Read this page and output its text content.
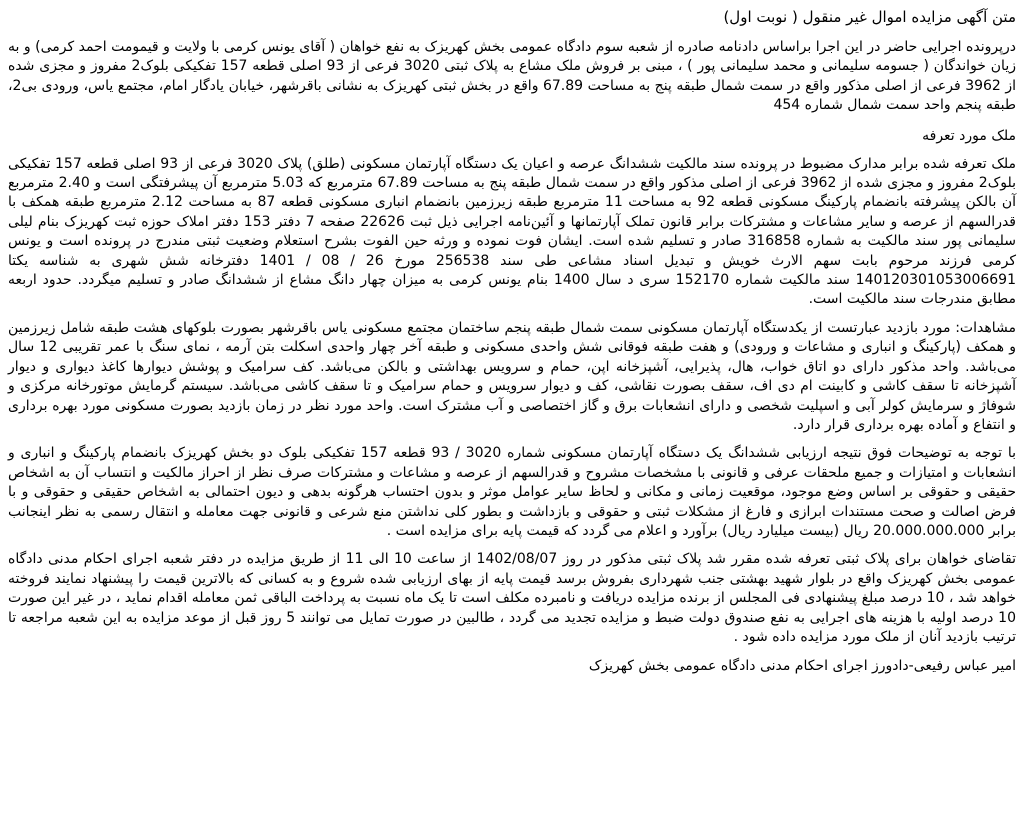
متن آگهی مزایده اموال غیر منقول ( نوبت اول)

درپرونده اجرایی حاضر در این اجرا براساس دادنامه صادره از شعبه سوم دادگاه عمومی بخش کهریزک به نفع خواهان ( آقای یونس کرمی با ولایت و قیمومت احمد کرمی) و به زیان خواندگان ( جسومه سلیمانی و محمد سلیمانی پور ) ، مبنی بر فروش ملک مشاع به پلاک ثبتی 3020 فرعی از 93 اصلی قطعه 157 تفکیکی بلوک2 مفروز و مجزی شده از 3962 فرعی از اصلی مذکور واقع در سمت شمال طبقه پنج به مساحت 67.89 واقع در بخش ثبتی کهریزک به نشانی باقرشهر، خیابان یادگار امام، مجتمع یاس، ورودی بی2، طبقه پنجم واحد سمت شمال شماره 454

ملک مورد تعرفه

ملک تعرفه شده برابر مدارک مضبوط در پرونده سند مالکیت ششدانگ عرصه و اعیان یک دستگاه آپارتمان مسکونی (طلق) پلاک 3020 فرعی از 93 اصلی قطعه 157 تفکیکی بلوک2 مفروز و مجزی شده از 3962 فرعی از اصلی مذکور واقع در سمت شمال طبقه پنج به مساحت 67.89 مترمربع که 5.03 مترمربع آن پیشرفتگی است و 2.40 مترمربع آن بالکن پیشرفته بانضمام پارکینگ مسکونی قطعه 92 به مساحت 11 مترمربع طبقه زیرزمین بانضمام انباری مسکونی قطعه 87 به مساحت 2.12 مترمربع طبقه همکف با قدرالسهم از عرصه و سایر مشاعات و مشترکات برابر قانون تملک آپارتمانها و آئین‌نامه اجرایی ذیل ثبت 22626 صفحه 7 دفتر 153 دفتر املاک حوزه ثبت کهریزک بنام لیلی سلیمانی پور سند مالکیت به شماره 316858 صادر و تسلیم شده است. ایشان فوت نموده و ورثه حین الفوت بشرح استعلام وضعیت ثبتی مندرج در پرونده است و یونس کرمی فرزند مرحوم بابت سهم الارث خویش و تبدیل اسناد مشاعی طی سند 256538 مورخ 26 / 08 / 1401 دفترخانه شش شهری به شناسه یکتا 140120301053006691 سند مالکیت شماره 152170 سری د سال 1400 بنام یونس کرمی به میزان چهار دانگ مشاع از ششدانگ صادر و تسلیم میگردد. حدود اربعه مطابق مندرجات سند مالکیت است.

مشاهدات: مورد بازدید عبارتست از یکدستگاه آپارتمان مسکونی سمت شمال طبقه پنجم ساختمان مجتمع مسکونی یاس باقرشهر بصورت بلوکهای هشت طبقه شامل زیرزمین و همکف (پارکینگ و انباری و مشاعات و ورودی) و هفت طبقه فوقانی شش واحدی مسکونی و طبقه آخر چهار واحدی اسکلت بتن آرمه ، نمای سنگ با عمر تقریبی 12 سال می‌باشد. واحد مذکور دارای دو اتاق خواب، هال، پذیرایی، آشپزخانه اپن، حمام و سرویس بهداشتی و بالکن می‌باشد. کف سرامیک و پوشش دیوارها کاغذ دیواری و دیوار آشپزخانه تا سقف کاشی و کابینت ام دی اف، سقف بصورت نقاشی، کف و دیوار سرویس و حمام سرامیک و تا سقف کاشی می‌باشد. سیستم گرمایش موتورخانه مرکزی و شوفاژ و سرمایش کولر آبی و اسپلیت شخصی و دارای انشعابات برق و گاز اختصاصی و آب مشترک است. واحد مورد نظر در زمان بازدید بصورت مسکونی مورد بهره برداری و انتفاع و آماده بهره برداری قرار دارد.

با توجه به توضیحات فوق نتیجه ارزیابی ششدانگ یک دستگاه آپارتمان مسکونی شماره 3020 / 93 قطعه 157 تفکیکی بلوک دو بخش کهریزک بانضمام پارکینگ و انباری و انشعابات و امتیازات و جمیع ملحقات عرفی و قانونی با مشخصات مشروح و قدرالسهم از عرصه و مشاعات و مشترکات صرف نظر از احراز مالکیت و انتساب آن به اشخاص حقیقی و حقوقی بر اساس وضع موجود، موقعیت زمانی و مکانی و لحاظ سایر عوامل موثر و بدون احتساب هرگونه بدهی و دیون احتمالی به اشخاص حقیقی و حقوقی و با فرض اصالت و صحت مستندات ابرازی و فارغ از مشکلات ثبتی و حقوقی و بازداشت و بطور کلی نداشتن منع شرعی و قانونی جهت معامله و انتقال رسمی به نظر اینجانب برابر 20.000.000.000 ریال (بیست میلیارد ریال) برآورد و اعلام می گردد که قیمت پایه برای مزایده است .

تقاضای خواهان برای پلاک ثبتی تعرفه شده مقرر شد پلاک ثبتی مذکور در روز 1402/08/07 از ساعت 10 الی 11 از طریق مزایده در دفتر شعبه اجرای احکام مدنی دادگاه عمومی بخش کهریزک واقع در بلوار شهید بهشتی جنب شهرداری بفروش برسد قیمت پایه از بهای ارزیابی شده شروع و به کسانی که بالاترین قیمت را پیشنهاد نمایند فروخته خواهد شد ، 10 درصد مبلغ پیشنهادی فی المجلس از برنده مزایده دریافت و نامبرده مکلف است تا یک ماه نسبت به پرداخت الباقی ثمن معامله اقدام نماید ، در غیر این صورت 10 درصد اولیه با هزینه های اجرایی به نفع صندوق دولت ضبط و مزایده تجدید می گردد ، طالبین در صورت تمایل می توانند 5 روز قبل از موعد مزایده به این شعبه مراجعه تا ترتیب بازدید آنان از ملک مورد مزایده داده شود .

امیر عباس رفیعی-دادورز اجرای احکام مدنی دادگاه عمومی بخش کهریزک
